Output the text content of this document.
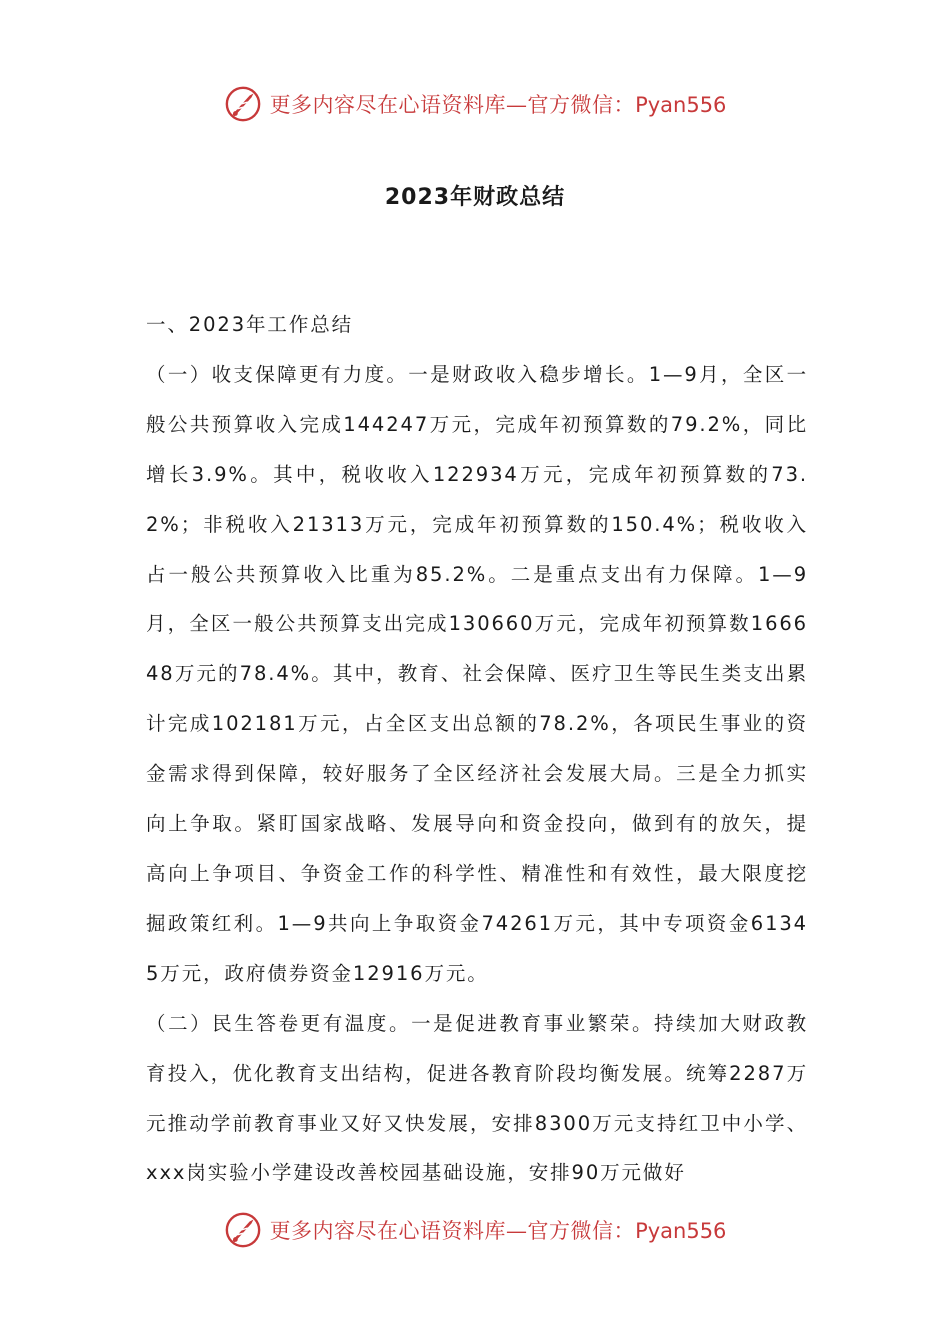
更多内容尽在心语资料库—官方微信：Pyan556
2023年财政总结

一、2023年工作总结

（一）收支保障更有力度。一是财政收入稳步增长。1—9月，全区一般公共预算收入完成144247万元，完成年初预算数的79.2%，同比增长3.9%。其中，税收收入122934万元，完成年初预算数的73.2%；非税收入21313万元，完成年初预算数的150.4%；税收收入占一般公共预算收入比重为85.2%。二是重点支出有力保障。1—9月，全区一般公共预算支出完成130660万元，完成年初预算数166648万元的78.4%。其中，教育、社会保障、医疗卫生等民生类支出累计完成102181万元，占全区支出总额的78.2%，各项民生事业的资金需求得到保障，较好服务了全区经济社会发展大局。三是全力抓实向上争取。紧盯国家战略、发展导向和资金投向，做到有的放矢，提高向上争项目、争资金工作的科学性、精准性和有效性，最大限度挖掘政策红利。1—9共向上争取资金74261万元，其中专项资金61345万元，政府债券资金12916万元。

（二）民生答卷更有温度。一是促进教育事业繁荣。持续加大财政教育投入，优化教育支出结构，促进各教育阶段均衡发展。统筹2287万元推动学前教育事业又好又快发展，安排8300万元支持红卫中小学、xxx岗实验小学建设改善校园基础设施，安排90万元做好

更多内容尽在心语资料库—官方微信：Pyan556
